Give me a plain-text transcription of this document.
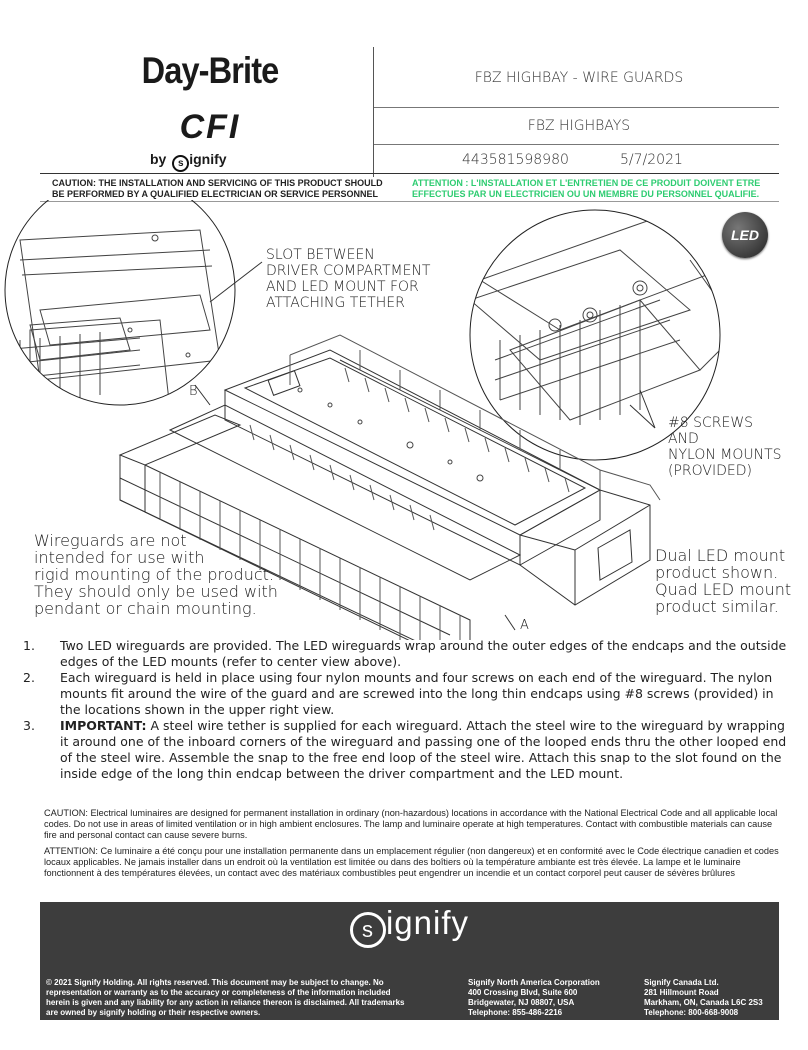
Day-Brite
CFI
by s ignify
FBZ HIGHBAY - WIRE GUARDS
FBZ HIGHBAYS
443581598980	5/7/2021
CAUTION: THE INSTALLATION AND SERVICING OF THIS PRODUCT SHOULD BE PERFORMED BY A QUALIFIED ELECTRICIAN OR SERVICE PERSONNEL
ATTENTION : L'INSTALLATION ET L'ENTRETIEN DE CE PRODUIT DOIVENT ETRE EFFECTUES PAR UN ELECTRICIEN OU UN MEMBRE DU PERSONNEL QUALIFIE.
LED
SLOT BETWEEN
DRIVER COMPARTMENT
AND LED MOUNT FOR
ATTACHING TETHER
#8 SCREWS
AND
NYLON MOUNTS
(PROVIDED)
Wireguards are not
intended for use with
rigid mounting of the product.
They should only be used with
pendant or chain mounting.
Dual LED mount
product shown.
Quad LED mount
product similar.
B
A
1. Two LED wireguards are provided. The LED wireguards wrap around the outer edges of the endcaps and the outside edges of the LED mounts (refer to center view above).
2. Each wireguard is held in place using four nylon mounts and four screws on each end of the wireguard. The nylon mounts fit around the wire of the guard and are screwed into the long thin endcaps using #8 screws (provided) in the locations shown in the upper right view.
3. IMPORTANT: A steel wire tether is supplied for each wireguard. Attach the steel wire to the wireguard by wrapping it around one of the inboard corners of the wireguard and passing one of the looped ends thru the other looped end of the steel wire. Assemble the snap to the free end loop of the steel wire. Attach this snap to the slot found on the inside edge of the long thin endcap between the driver compartment and the LED mount.
CAUTION: Electrical luminaires are designed for permanent installation in ordinary (non-hazardous) locations in accordance with the National Electrical Code and all applicable local codes. Do not use in areas of limited ventilation or in high ambient enclosures. The lamp and luminaire operate at high temperatures. Contact with combustible materials can cause fire and personal contact can cause severe burns.
ATTENTION: Ce luminaire a été conçu pour une installation permanente dans un emplacement régulier (non dangereux) et en conformité avec le Code électrique canadien et codes locaux applicables. Ne jamais installer dans un endroit où la ventilation est limitée ou dans des boîtiers où la température ambiante est très élevée. La lampe et le luminaire fonctionnent à des températures élevées, un contact avec des matériaux combustibles peut engendrer un incendie et un contact corporel peut causer de sévères brûlures
s ignify
© 2021 Signify Holding. All rights reserved. This document may be subject to change. No representation or warranty as to the accuracy or completeness of the information included herein is given and any liability for any action in reliance thereon is disclaimed. All trademarks are owned by signify holding or their respective owners.
Signify North America Corporation
400 Crossing Blvd, Suite 600
Bridgewater, NJ 08807, USA
Telephone: 855-486-2216
Signify Canada Ltd.
281 Hillmount Road
Markham, ON, Canada L6C 2S3
Telephone: 800-668-9008
